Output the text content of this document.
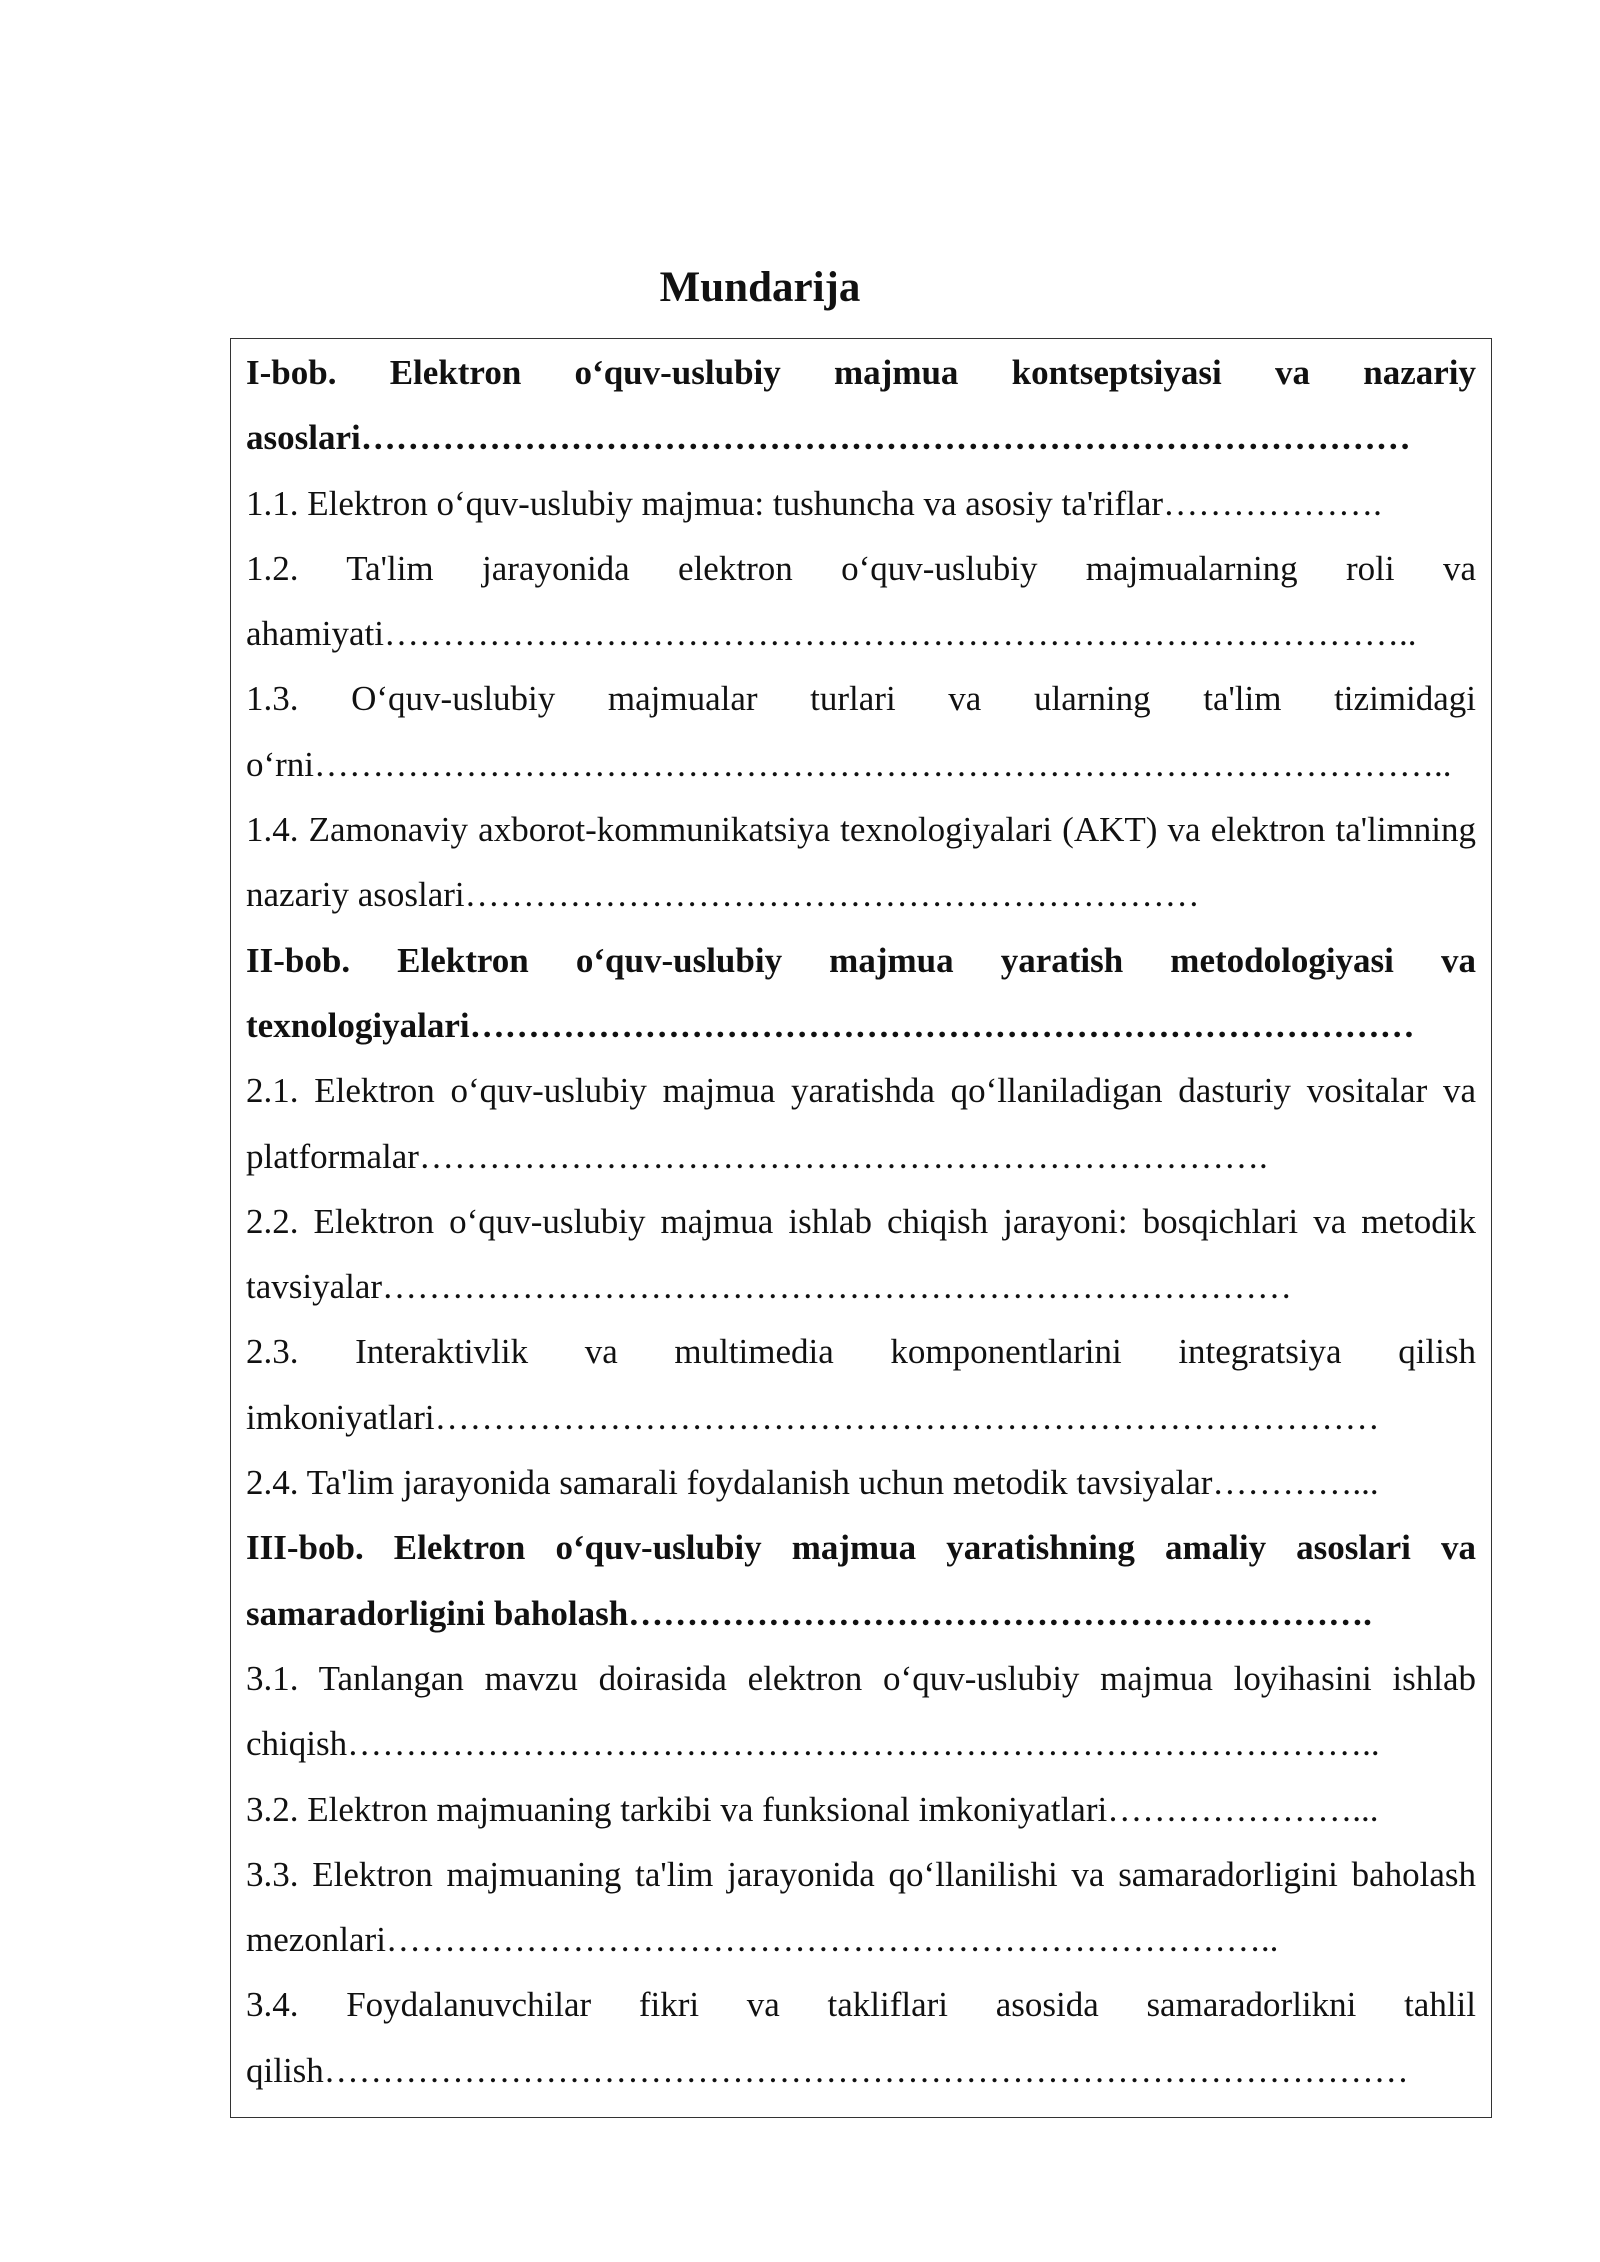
Mundarija
I-bob. Elektron o‘quv-uslubiy majmua kontseptsiyasi va nazariy asoslari………………………………………………………………………………
1.1. Elektron o‘quv-uslubiy majmua: tushuncha va asosiy ta'riflar……………….
1.2. Ta'lim jarayonida elektron o‘quv-uslubiy majmualarning roli va ahamiyati……………………………………………………………………………..
1.3. O‘quv-uslubiy majmualar turlari va ularning ta'lim tizimidagi o‘rni……………………………………………………………………………………..
1.4. Zamonaviy axborot-kommunikatsiya texnologiyalari (AKT) va elektron ta'limning nazariy asoslari………………………………………………………
II-bob. Elektron o‘quv-uslubiy majmua yaratish metodologiyasi va texnologiyalari………………………………………………………………………
2.1. Elektron o‘quv-uslubiy majmua yaratishda qo‘llaniladigan dasturiy vositalar va platformalar……………………………………………………………….
2.2. Elektron o‘quv-uslubiy majmua ishlab chiqish jarayoni: bosqichlari va metodik tavsiyalar……………………………………………………………………
2.3. Interaktivlik va multimedia komponentlarini integratsiya qilish imkoniyatlari………………………………………………………………………
2.4. Ta'lim jarayonida samarali foydalanish uchun metodik tavsiyalar…………...
III-bob. Elektron o‘quv-uslubiy majmua yaratishning amaliy asoslari va samaradorligini baholash……………………………………………………….
3.1. Tanlangan mavzu doirasida elektron o‘quv-uslubiy majmua loyihasini ishlab chiqish……………………………………………………………………………..
3.2. Elektron majmuaning tarkibi va funksional imkoniyatlari…………………...
3.3. Elektron majmuaning ta'lim jarayonida qo‘llanilishi va samaradorligini baholash mezonlari…………………………………………………………………..
3.4. Foydalanuvchilar fikri va takliflari asosida samaradorlikni tahlil qilish…………………………………………………………………………………
